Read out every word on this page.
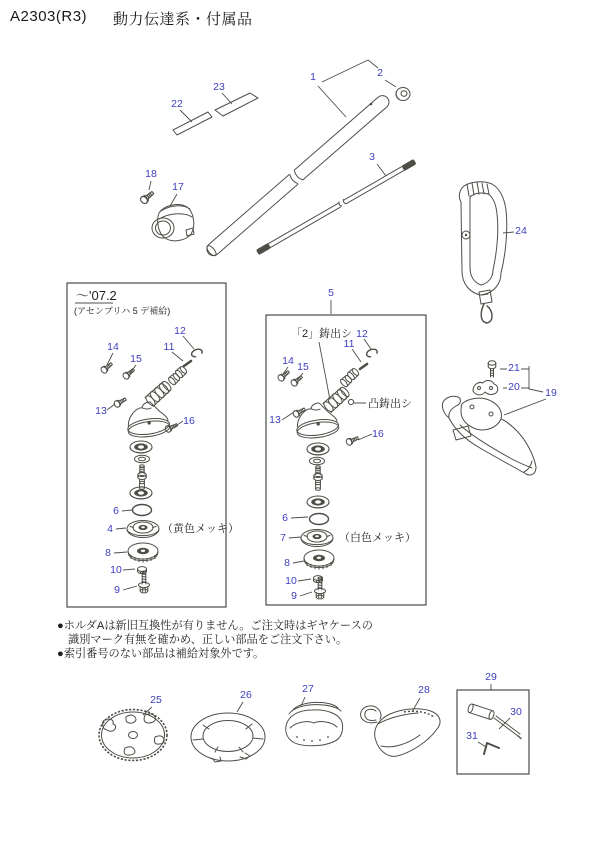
A2303(R3) 動力伝達系・付属品
1	2
3
22
23
18
17
24
5
19
20
21
～'07.2
(アセンブリハ 5 デ補給)
14
15
11
12
13
16
6
4	（黄色メッキ）
8
10
9
「2」鋳出シ
凸鋳出シ
14 15
11
12
13
16
6
7	（白色メッキ）
8
10
9
●ホルダAは新旧互換性が有りません。ご注文時はギヤケースの
識別マーク有無を確かめ、正しい部品をご注文下さい。
●索引番号のない部品は補給対象外です。
25	26	27	28
29
30
31
